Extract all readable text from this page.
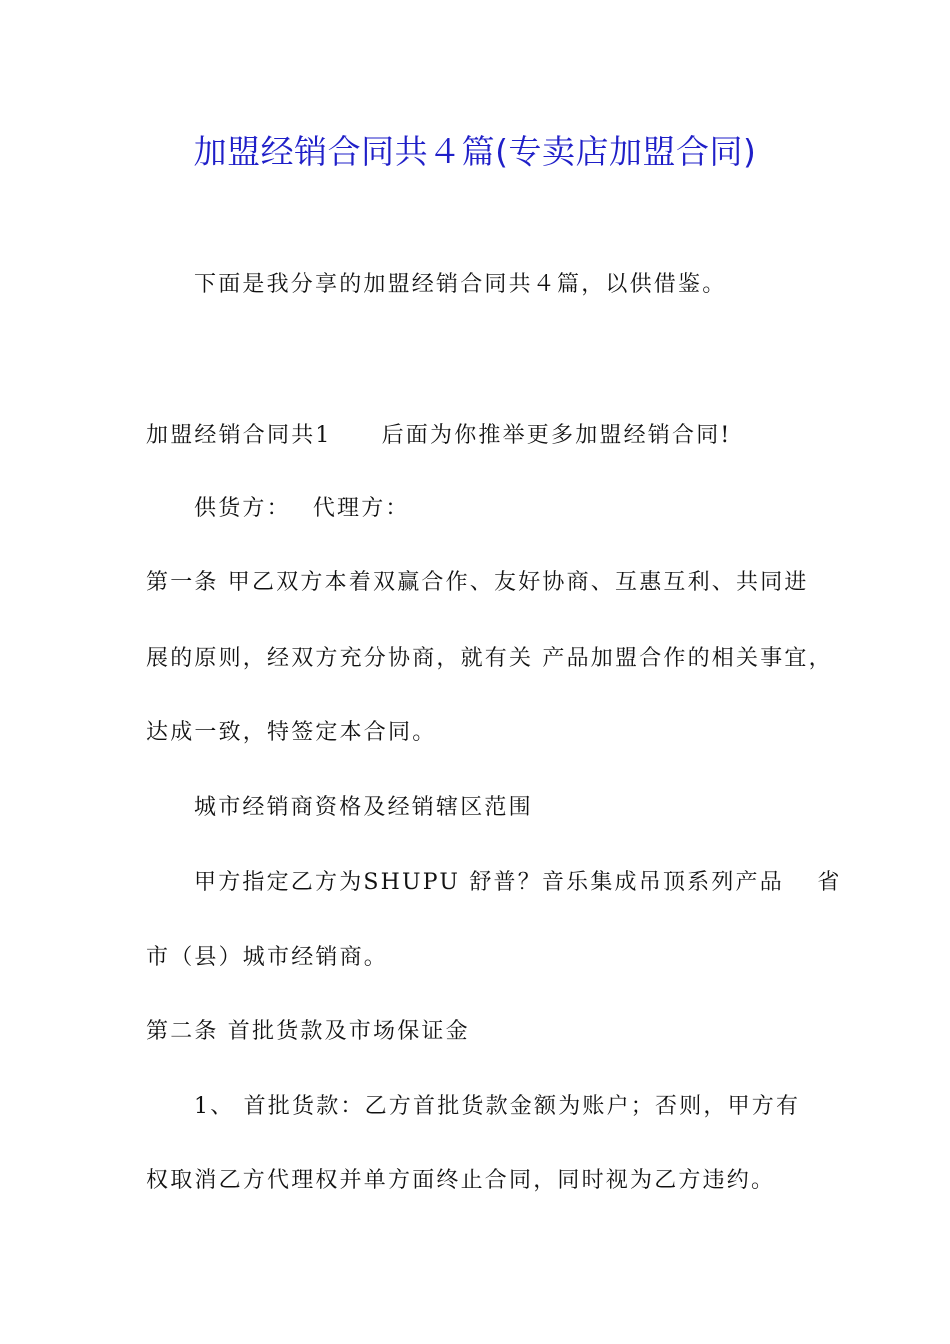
加盟经销合同共４篇(专卖店加盟合同)
下面是我分享的加盟经销合同共４篇，以供借鉴。
加盟经销合同共1 后面为你推举更多加盟经销合同!
供货方： 代理方：
第一条 甲乙双方本着双赢合作、友好协商、互惠互利、共同进
展的原则，经双方充分协商，就有关 产品加盟合作的相关事宜，
达成一致，特签定本合同。
城市经销商资格及经销辖区范围
甲方指定乙方为SHUPU 舒普？音乐集成吊顶系列产品　 省
市（县）城市经销商。
第二条 首批货款及市场保证金
1、 首批货款：乙方首批货款金额为账户；否则，甲方有
权取消乙方代理权并单方面终止合同，同时视为乙方违约。
